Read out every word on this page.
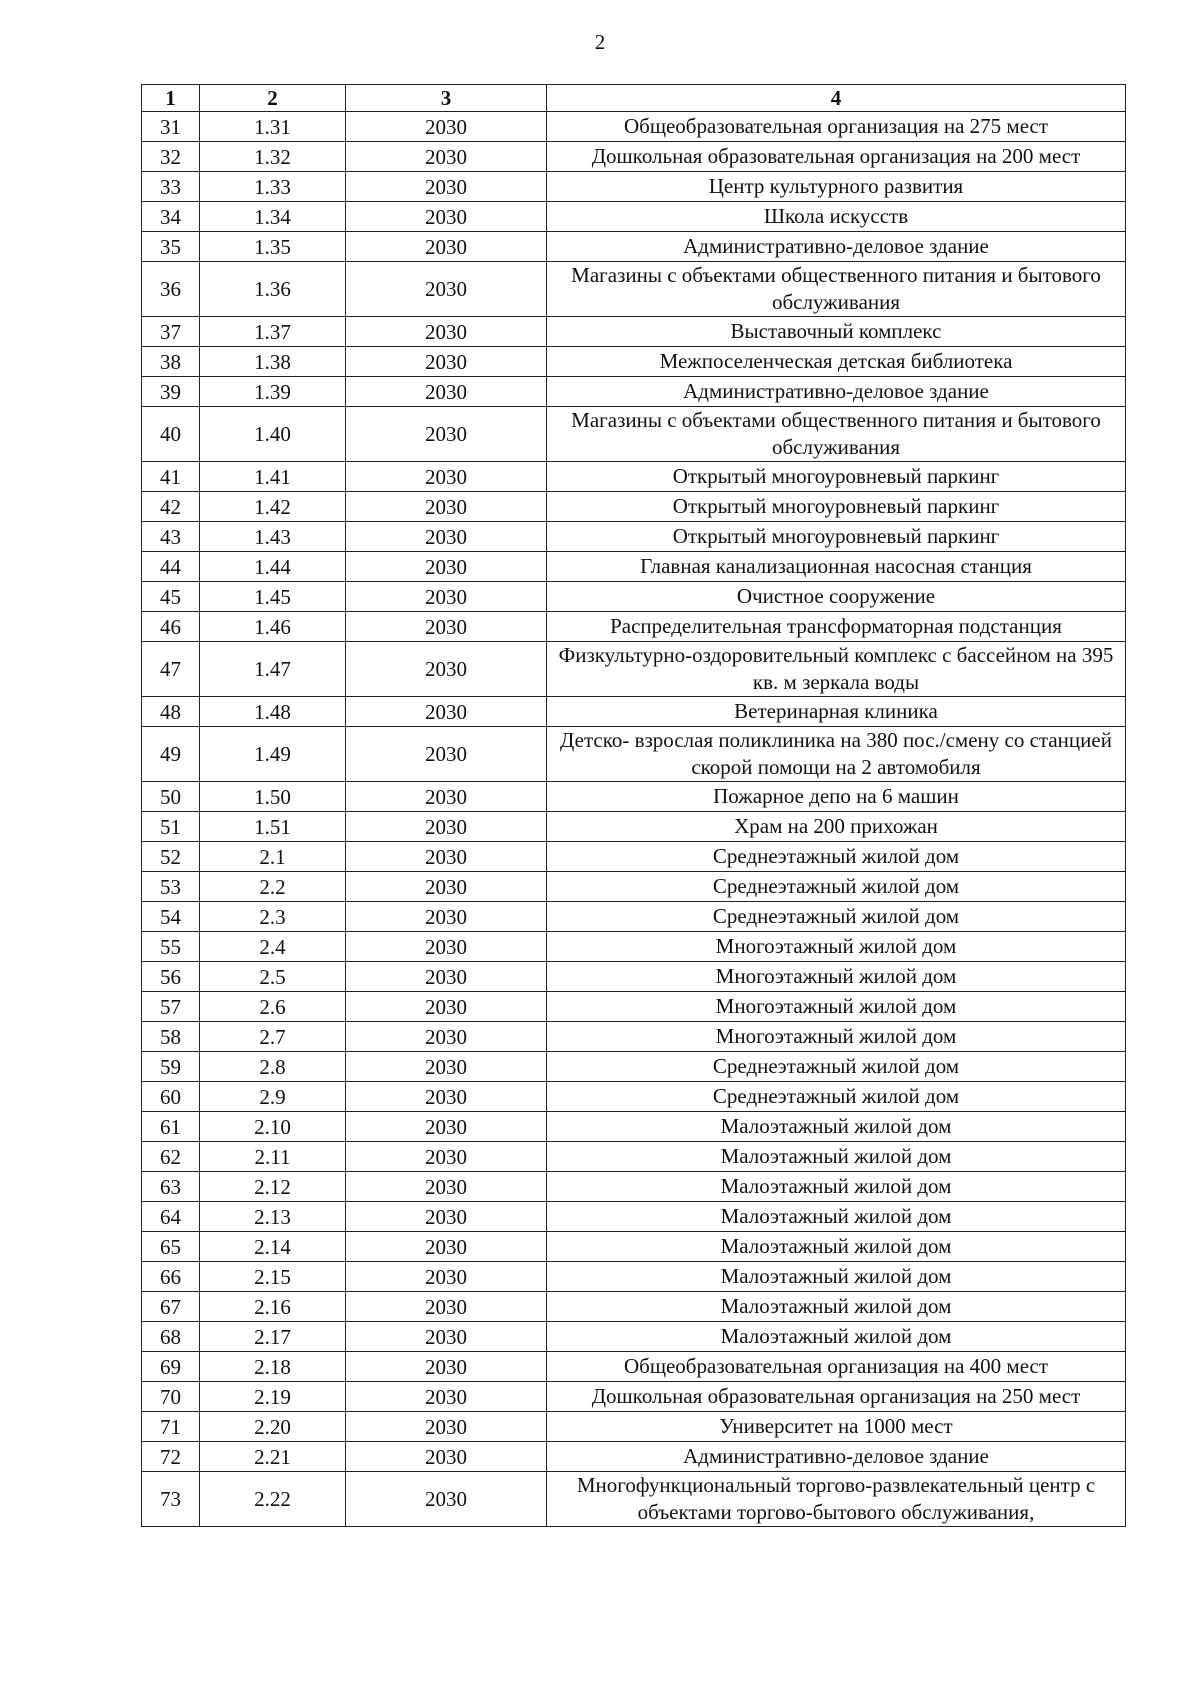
2
1	2	3	4
31	1.31	2030	Общеобразовательная организация на 275 мест
32	1.32	2030	Дошкольная образовательная организация на 200 мест
33	1.33	2030	Центр культурного развития
34	1.34	2030	Школа искусств
35	1.35	2030	Административно-деловое здание
36	1.36	2030	Магазины с объектами общественного питания и бытового обслуживания
37	1.37	2030	Выставочный комплекс
38	1.38	2030	Межпоселенческая детская библиотека
39	1.39	2030	Административно-деловое здание
40	1.40	2030	Магазины с объектами общественного питания и бытового обслуживания
41	1.41	2030	Открытый многоуровневый паркинг
42	1.42	2030	Открытый многоуровневый паркинг
43	1.43	2030	Открытый многоуровневый паркинг
44	1.44	2030	Главная канализационная насосная станция
45	1.45	2030	Очистное сооружение
46	1.46	2030	Распределительная трансформаторная подстанция
47	1.47	2030	Физкультурно-оздоровительный комплекс с бассейном на 395 кв. м зеркала воды
48	1.48	2030	Ветеринарная клиника
49	1.49	2030	Детско- взрослая поликлиника на 380 пос./смену со станцией скорой помощи на 2 автомобиля
50	1.50	2030	Пожарное депо на 6 машин
51	1.51	2030	Храм на 200 прихожан
52	2.1	2030	Среднеэтажный жилой дом
53	2.2	2030	Среднеэтажный жилой дом
54	2.3	2030	Среднеэтажный жилой дом
55	2.4	2030	Многоэтажный жилой дом
56	2.5	2030	Многоэтажный жилой дом
57	2.6	2030	Многоэтажный жилой дом
58	2.7	2030	Многоэтажный жилой дом
59	2.8	2030	Среднеэтажный жилой дом
60	2.9	2030	Среднеэтажный жилой дом
61	2.10	2030	Малоэтажный жилой дом
62	2.11	2030	Малоэтажный жилой дом
63	2.12	2030	Малоэтажный жилой дом
64	2.13	2030	Малоэтажный жилой дом
65	2.14	2030	Малоэтажный жилой дом
66	2.15	2030	Малоэтажный жилой дом
67	2.16	2030	Малоэтажный жилой дом
68	2.17	2030	Малоэтажный жилой дом
69	2.18	2030	Общеобразовательная организация на 400 мест
70	2.19	2030	Дошкольная образовательная организация на 250 мест
71	2.20	2030	Университет на 1000 мест
72	2.21	2030	Административно-деловое здание
73	2.22	2030	Многофункциональный торгово-развлекательный центр с объектами торгово-бытового обслуживания,
